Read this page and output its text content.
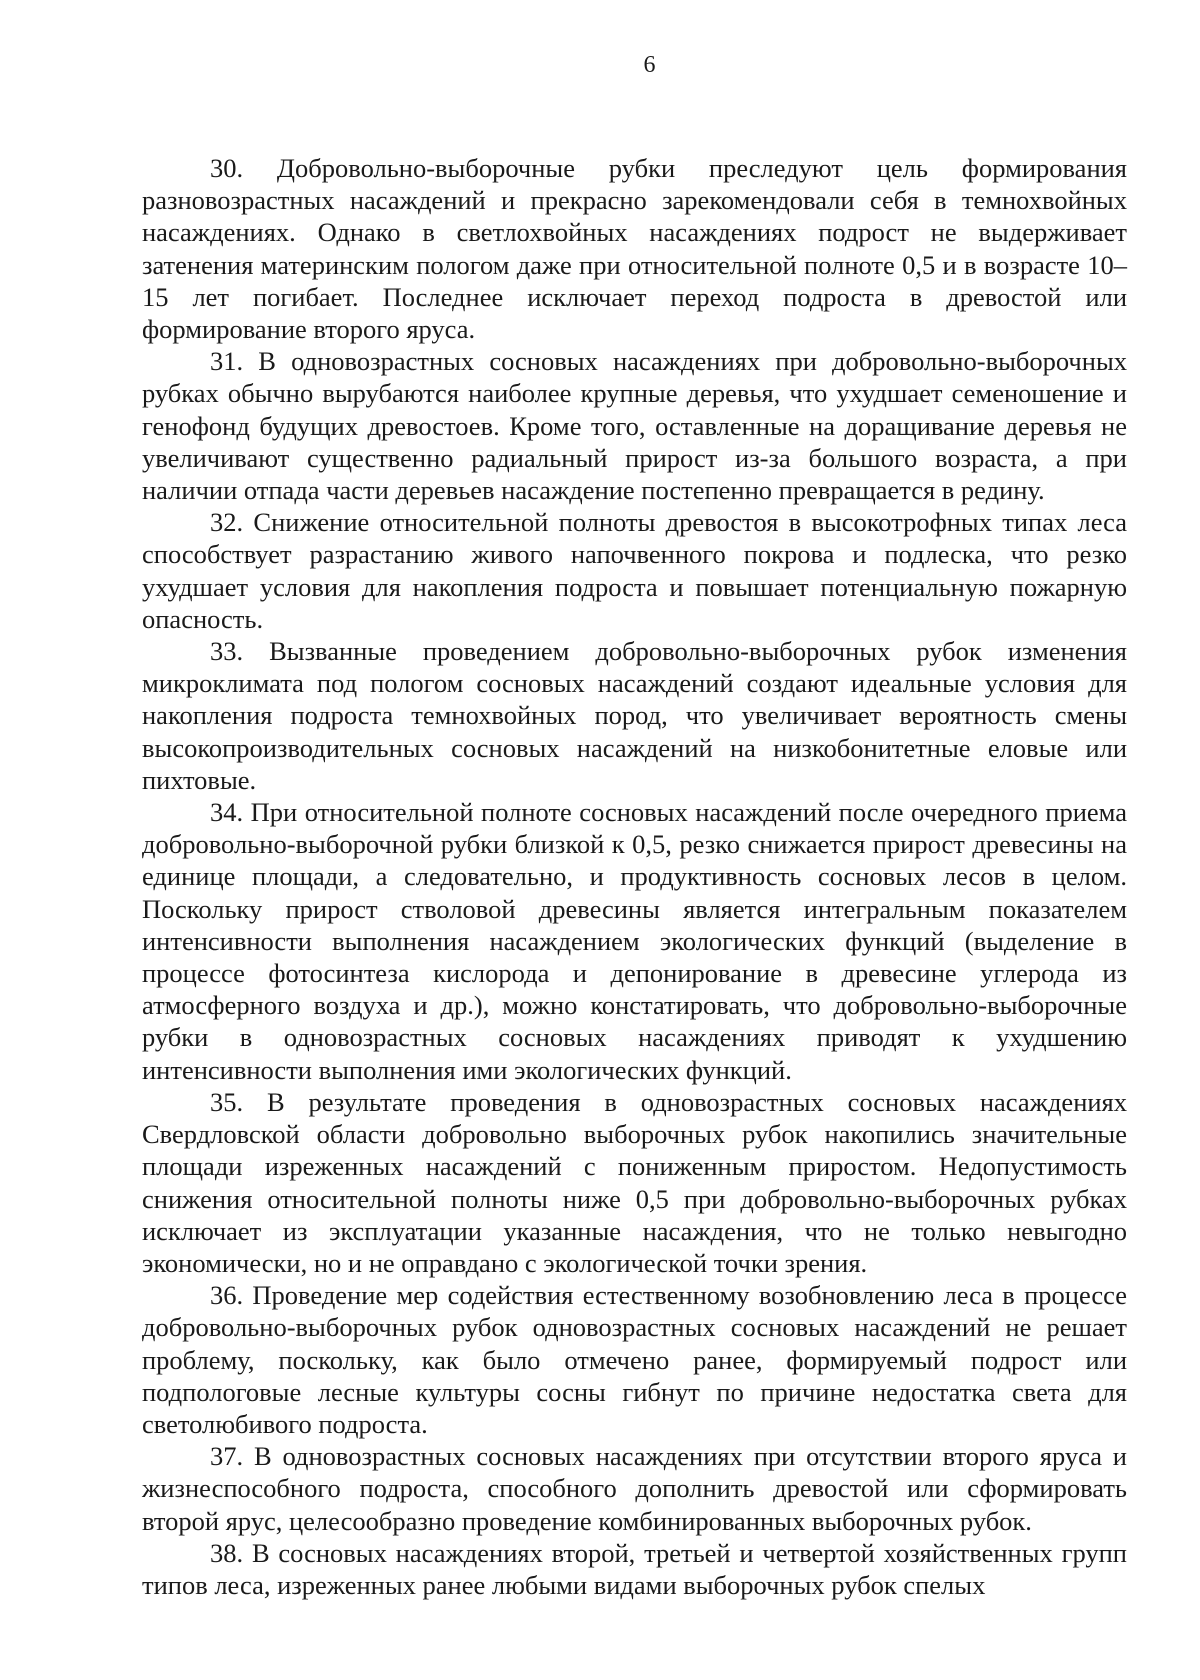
6

30. Добровольно-выборочные рубки преследуют цель формирования разновозрастных насаждений и прекрасно зарекомендовали себя в темнохвойных насаждениях. Однако в светлохвойных насаждениях подрост не выдерживает затенения материнским пологом даже при относительной полноте 0,5 и в возрасте 10–15 лет погибает. Последнее исключает переход подроста в древостой или формирование второго яруса.

31. В одновозрастных сосновых насаждениях при добровольно-выборочных рубках обычно вырубаются наиболее крупные деревья, что ухудшает семеношение и генофонд будущих древостоев. Кроме того, оставленные на доращивание деревья не увеличивают существенно радиальный прирост из-за большого возраста, а при наличии отпада части деревьев насаждение постепенно превращается в редину.

32. Снижение относительной полноты древостоя в высокотрофных типах леса способствует разрастанию живого напочвенного покрова и подлеска, что резко ухудшает условия для накопления подроста и повышает потенциальную пожарную опасность.

33. Вызванные проведением добровольно-выборочных рубок изменения микроклимата под пологом сосновых насаждений создают идеальные условия для накопления подроста темнохвойных пород, что увеличивает вероятность смены высокопроизводительных сосновых насаждений на низкобонитетные еловые или пихтовые.

34. При относительной полноте сосновых насаждений после очередного приема добровольно-выборочной рубки близкой к 0,5, резко снижается прирост древесины на единице площади, а следовательно, и продуктивность сосновых лесов в целом. Поскольку прирост стволовой древесины является интегральным показателем интенсивности выполнения насаждением экологических функций (выделение в процессе фотосинтеза кислорода и депонирование в древесине углерода из атмосферного воздуха и др.), можно констатировать, что добровольно-выборочные рубки в одновозрастных сосновых насаждениях приводят к ухудшению интенсивности выполнения ими экологических функций.

35. В результате проведения в одновозрастных сосновых насаждениях Свердловской области добровольно выборочных рубок накопились значительные площади изреженных насаждений с пониженным приростом. Недопустимость снижения относительной полноты ниже 0,5 при добровольно-выборочных рубках исключает из эксплуатации указанные насаждения, что не только невыгодно экономически, но и не оправдано с экологической точки зрения.

36. Проведение мер содействия естественному возобновлению леса в процессе добровольно-выборочных рубок одновозрастных сосновых насаждений не решает проблему, поскольку, как было отмечено ранее, формируемый подрост или подпологовые лесные культуры сосны гибнут по причине недостатка света для светолюбивого подроста.

37. В одновозрастных сосновых насаждениях при отсутствии второго яруса и жизнеспособного подроста, способного дополнить древостой или сформировать второй ярус, целесообразно проведение комбинированных выборочных рубок.

38. В сосновых насаждениях второй, третьей и четвертой хозяйственных групп типов леса, изреженных ранее любыми видами выборочных рубок спелых
